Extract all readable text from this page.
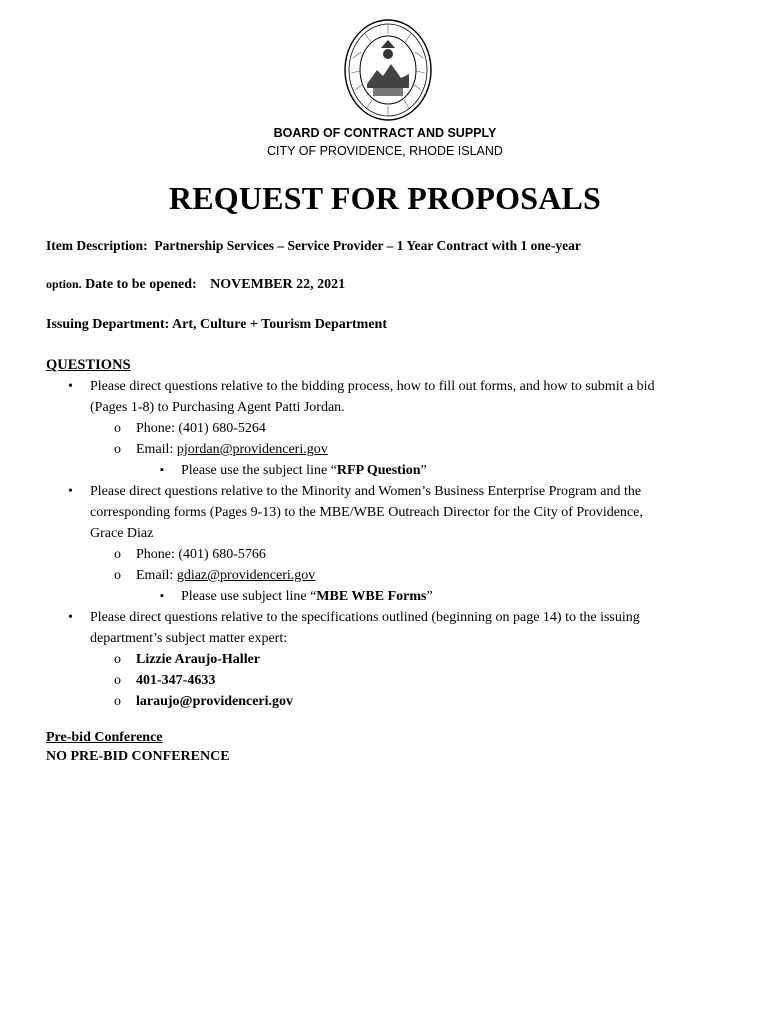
BOARD OF CONTRACT AND SUPPLY
CITY OF PROVIDENCE, RHODE ISLAND
REQUEST FOR PROPOSALS
Item Description: Partnership Services – Service Provider – 1 Year Contract with 1 one-year
option. Date to be opened: NOVEMBER 22, 2021
Issuing Department: Art, Culture + Tourism Department
QUESTIONS
• Please direct questions relative to the bidding process, how to fill out forms, and how to submit a bid
(Pages 1-8) to Purchasing Agent Patti Jordan.
o Phone: (401) 680-5264
o Email: pjordan@providenceri.gov
▪ Please use the subject line “RFP Question”
• Please direct questions relative to the Minority and Women’s Business Enterprise Program and the
corresponding forms (Pages 9-13) to the MBE/WBE Outreach Director for the City of Providence,
Grace Diaz
o Phone: (401) 680-5766
o Email: gdiaz@providenceri.gov
▪ Please use subject line “MBE WBE Forms”
• Please direct questions relative to the specifications outlined (beginning on page 14) to the issuing
department’s subject matter expert:
o Lizzie Araujo-Haller
o 401-347-4633
o laraujo@providenceri.gov
Pre-bid Conference
NO PRE-BID CONFERENCE
